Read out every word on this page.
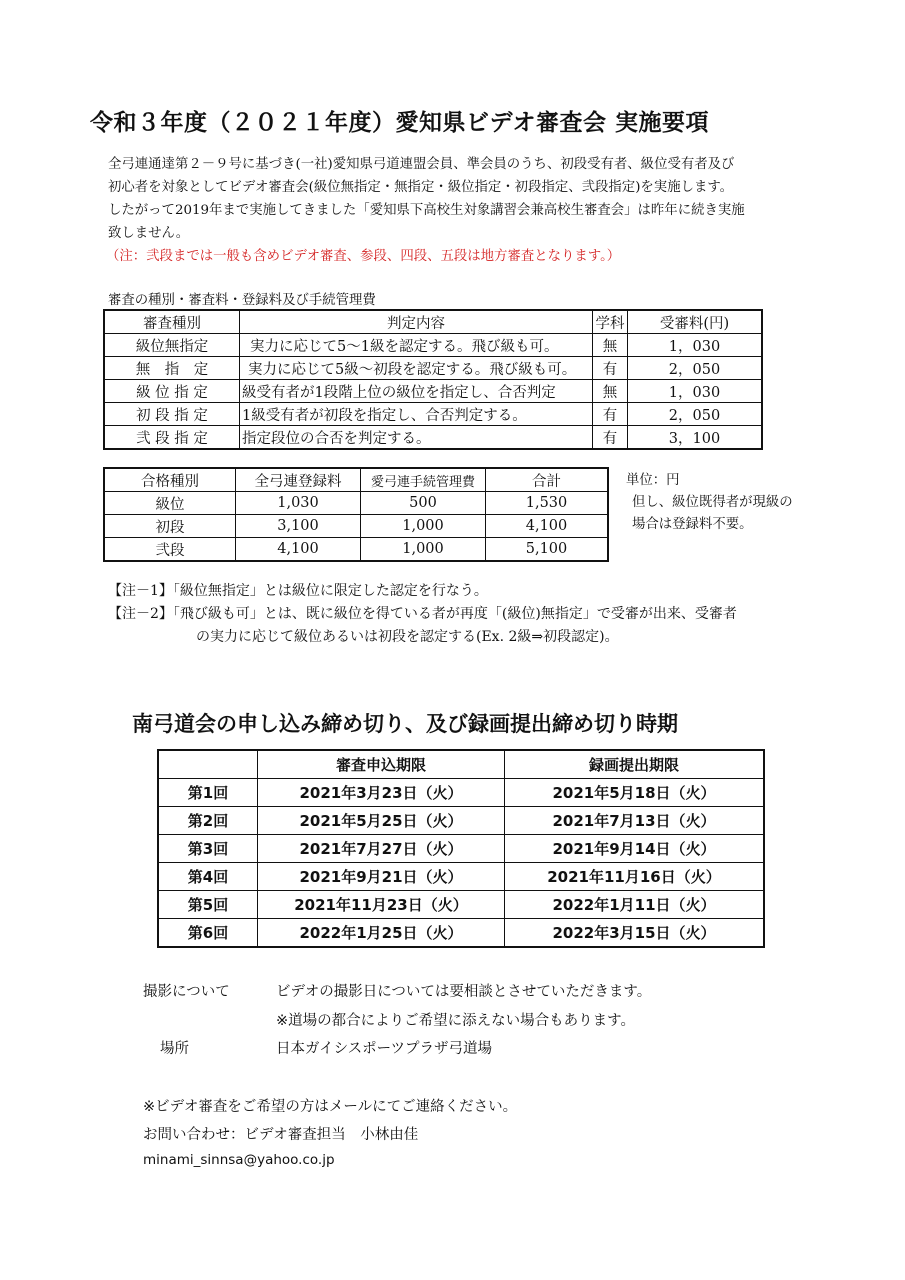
令和３年度（２０２１年度）愛知県ビデオ審査会 実施要項
全弓連通達第２－９号に基づき(一社)愛知県弓道連盟会員、準会員のうち、初段受有者、級位受有者及び
初心者を対象としてビデオ審査会(級位無指定・無指定・級位指定・初段指定、弐段指定)を実施します。
したがって2019年まで実施してきました「愛知県下高校生対象講習会兼高校生審査会」は昨年に続き実施
致しません。
（注：弐段までは一般も含めビデオ審査、参段、四段、五段は地方審査となります。）
審査の種別・審査料・登録料及び手続管理費
審査種別	判定内容	学科	受審料(円)
級位無指定	実力に応じて5～1級を認定する。飛び級も可。	無	1，030
無　指　定	実力に応じて5級～初段を認定する。飛び級も可。	有	2，050
級 位 指 定	級受有者が1段階上位の級位を指定し、合否判定	無	1，030
初 段 指 定	1級受有者が初段を指定し、合否判定する。	有	2，050
弐 段 指 定	指定段位の合否を判定する。	有	3，100
合格種別	全弓連登録料	愛弓連手続管理費	合計
級位	1,030	500	1,530
初段	3,100	1,000	4,100
弐段	4,100	1,000	5,100
単位：円
但し、級位既得者が現級の
場合は登録料不要。
【注－1】「級位無指定」とは級位に限定した認定を行なう。
【注－2】「飛び級も可」とは、既に級位を得ている者が再度「(級位)無指定」で受審が出来、受審者
の実力に応じて級位あるいは初段を認定する(Ex. 2級⇒初段認定)。
南弓道会の申し込み締め切り、及び録画提出締め切り時期
	審査申込期限	録画提出期限
第1回	2021年3月23日（火）	2021年5月18日（火）
第2回	2021年5月25日（火）	2021年7月13日（火）
第3回	2021年7月27日（火）	2021年9月14日（火）
第4回	2021年9月21日（火）	2021年11月16日（火）
第5回	2021年11月23日（火）	2022年1月11日（火）
第6回	2022年1月25日（火）	2022年3月15日（火）
撮影について	ビデオの撮影日については要相談とさせていただきます。
※道場の都合によりご希望に添えない場合もあります。
場所	日本ガイシスポーツプラザ弓道場
※ビデオ審査をご希望の方はメールにてご連絡ください。
お問い合わせ：ビデオ審査担当　小林由佳
minami_sinnsa@yahoo.co.jp
